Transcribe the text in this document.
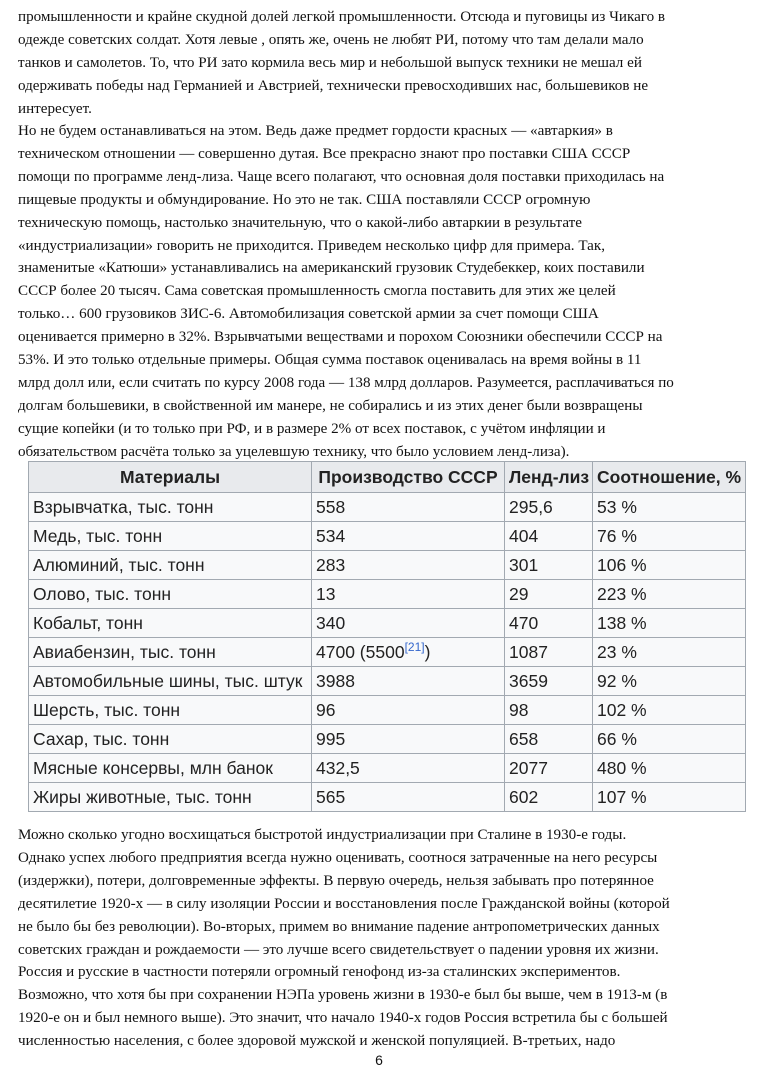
промышленности и крайне скудной долей легкой промышленности. Отсюда и пуговицы из Чикаго в
одежде советских солдат. Хотя левые , опять же, очень не любят РИ, потому что там делали мало
танков и самолетов. То, что РИ зато кормила весь мир и небольшой выпуск техники не мешал ей
одерживать победы над Германией и Австрией, технически превосходивших нас, большевиков не
интересует.
Но не будем останавливаться на этом. Ведь даже предмет гордости красных — «автаркия» в
техническом отношении — совершенно дутая. Все прекрасно знают про поставки США СССР
помощи по программе ленд-лиза. Чаще всего полагают, что основная доля поставки приходилась на
пищевые продукты и обмундирование. Но это не так. США поставляли СССР огромную
техническую помощь, настолько значительную, что о какой-либо автаркии в результате
«индустриализации» говорить не приходится. Приведем несколько цифр для примера. Так,
знаменитые «Катюши» устанавливались на американский грузовик Студебеккер, коих поставили
СССР более 20 тысяч. Сама советская промышленность смогла поставить для этих же целей
только… 600 грузовиков ЗИС-6. Автомобилизация советской армии за счет помощи США
оценивается примерно в 32%. Взрывчатыми веществами и порохом Союзники обеспечили СССР на
53%. И это только отдельные примеры. Общая сумма поставок оценивалась на время войны в 11
млрд долл или, если считать по курсу 2008 года — 138 млрд долларов. Разумеется, расплачиваться по
долгам большевики, в свойственной им манере, не собирались и из этих денег были возвращены
сущие копейки (и то только при РФ, и в размере 2% от всех поставок, с учётом инфляции и
обязательством расчёта только за уцелевшую технику, что было условием ленд-лиза).
Материалы	Производство СССР	Ленд-лиз	Соотношение, %
Взрывчатка, тыс. тонн	558	295,6	53 %
Медь, тыс. тонн	534	404	76 %
Алюминий, тыс. тонн	283	301	106 %
Олово, тыс. тонн	13	29	223 %
Кобальт, тонн	340	470	138 %
Авиабензин, тыс. тонн	4700 (5500[21])	1087	23 %
Автомобильные шины, тыс. штук	3988	3659	92 %
Шерсть, тыс. тонн	96	98	102 %
Сахар, тыс. тонн	995	658	66 %
Мясные консервы, млн банок	432,5	2077	480 %
Жиры животные, тыс. тонн	565	602	107 %
Можно сколько угодно восхищаться быстротой индустриализации при Сталине в 1930-е годы.
Однако успех любого предприятия всегда нужно оценивать, соотнося затраченные на него ресурсы
(издержки), потери, долговременные эффекты. В первую очередь, нельзя забывать про потерянное
десятилетие 1920-х — в силу изоляции России и восстановления после Гражданской войны (которой
не было бы без революции). Во-вторых, примем во внимание падение антропометрических данных
советских граждан и рождаемости — это лучше всего свидетельствует о падении уровня их жизни.
Россия и русские в частности потеряли огромный генофонд из-за сталинских экспериментов.
Возможно, что хотя бы при сохранении НЭПа уровень жизни в 1930-е был бы выше, чем в 1913-м (в
1920-е он и был немного выше). Это значит, что начало 1940-х годов Россия встретила бы с большей
численностью населения, с более здоровой мужской и женской популяцией. В-третьих, надо
6
